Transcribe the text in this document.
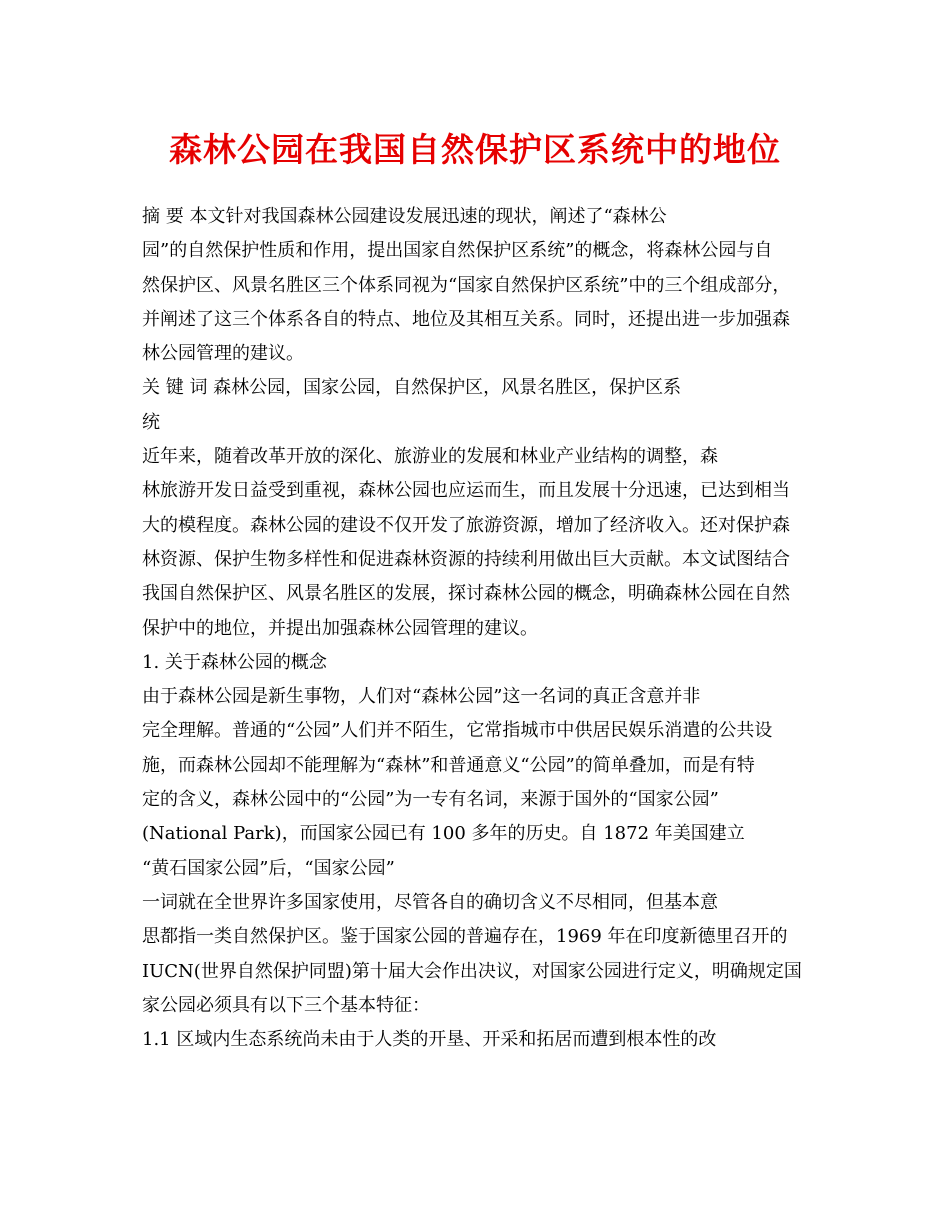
森林公园在我国自然保护区系统中的地位
摘 要 本文针对我国森林公园建设发展迅速的现状，阐述了“森林公
园”的自然保护性质和作用，提出国家自然保护区系统”的概念，将森林公园与自
然保护区、风景名胜区三个体系同视为“国家自然保护区系统”中的三个组成部分，
并阐述了这三个体系各自的特点、地位及其相互关系。同时，还提出进一步加强森
林公园管理的建议。
关 键 词 森林公园，国家公园，自然保护区，风景名胜区，保护区系
统
近年来，随着改革开放的深化、旅游业的发展和林业产业结构的调整，森
林旅游开发日益受到重视，森林公园也应运而生，而且发展十分迅速，已达到相当
大的模程度。森林公园的建设不仅开发了旅游资源，增加了经济收入。还对保护森
林资源、保护生物多样性和促进森林资源的持续利用做出巨大贡献。本文试图结合
我国自然保护区、风景名胜区的发展，探讨森林公园的概念，明确森林公园在自然
保护中的地位，并提出加强森林公园管理的建议。
1. 关于森林公园的概念
由于森林公园是新生事物，人们对“森林公园”这一名词的真正含意并非
完全理解。普通的“公园”人们并不陌生，它常指城市中供居民娱乐消遣的公共设
施，而森林公园却不能理解为“森林”和普通意义“公园”的简单叠加，而是有特
定的含义，森林公园中的“公园”为一专有名词，来源于国外的“国家公园”
(National Park)，而国家公园已有 100 多年的历史。自 1872 年美国建立
“黄石国家公园”后，“国家公园”
一词就在全世界许多国家使用，尽管各自的确切含义不尽相同，但基本意
思都指一类自然保护区。鉴于国家公园的普遍存在，1969 年在印度新德里召开的
IUCN(世界自然保护同盟)第十届大会作出决议，对国家公园进行定义，明确规定国
家公园必须具有以下三个基本特征：
1.1 区域内生态系统尚未由于人类的开垦、开采和拓居而遭到根本性的改
